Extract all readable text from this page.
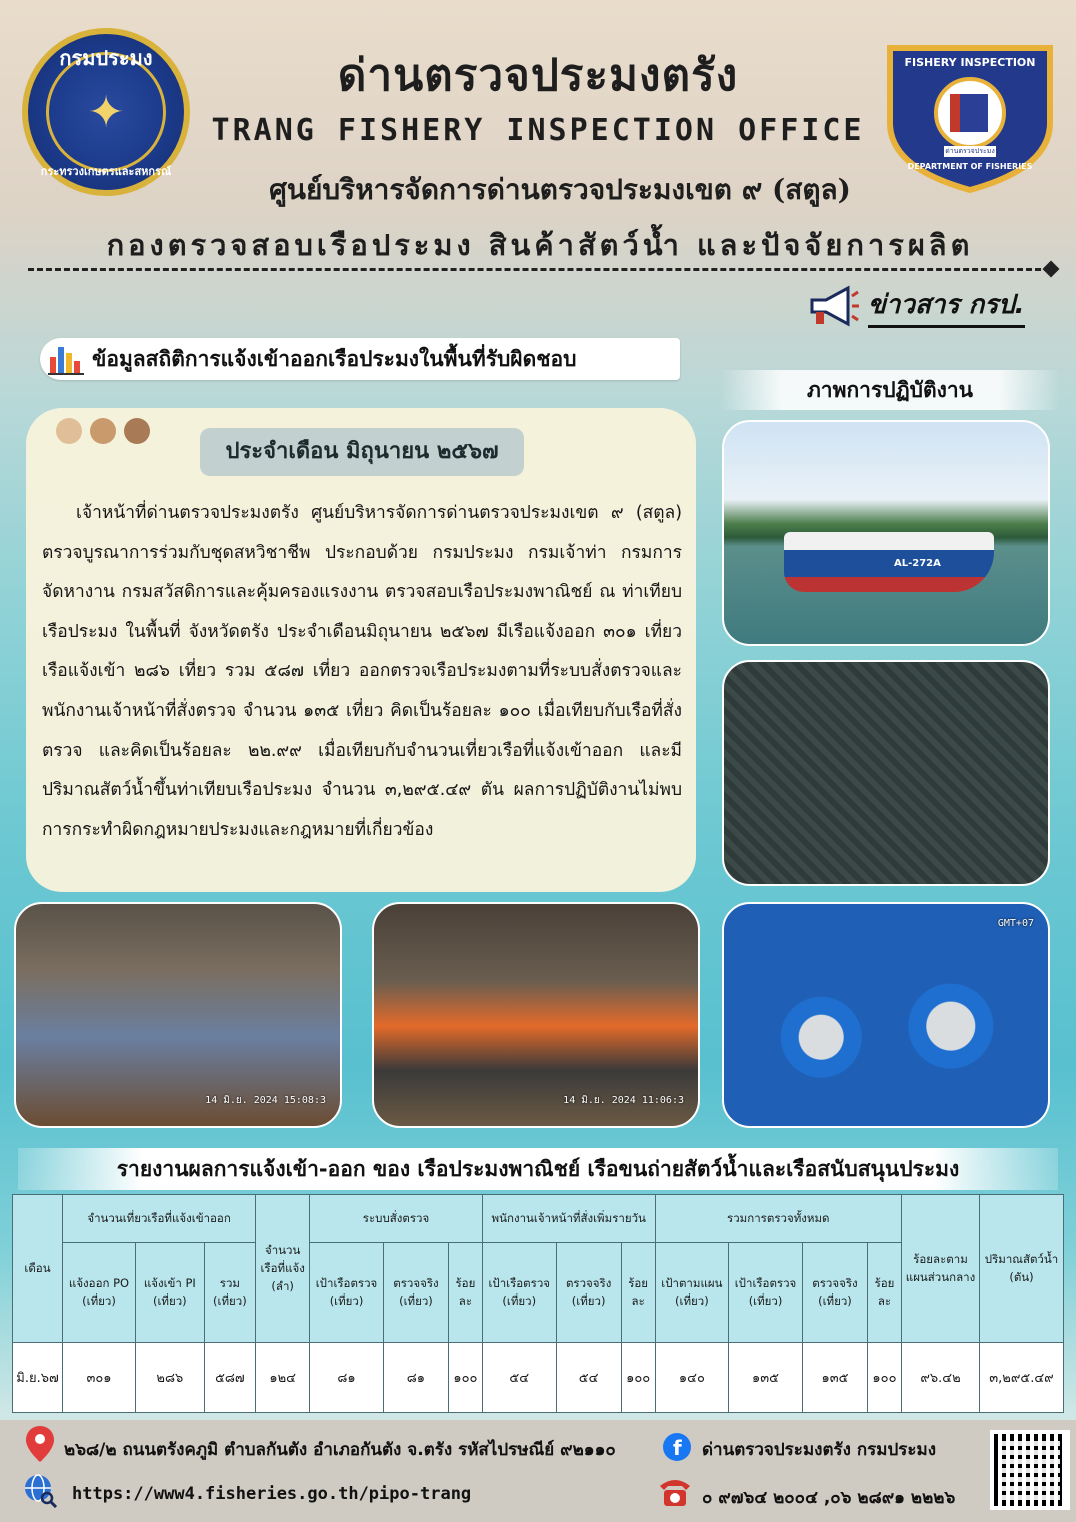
กรมประมง
✦
กระทรวงเกษตรและสหกรณ์
FISHERY INSPECTION
ด่านตรวจประมง
DEPARTMENT OF FISHERIES
ด่านตรวจประมงตรัง
TRANG FISHERY INSPECTION OFFICE
ศูนย์บริหารจัดการด่านตรวจประมงเขต ๙ (สตูล)
กองตรวจสอบเรือประมง สินค้าสัตว์น้ำ และปัจจัยการผลิต
ข่าวสาร กรป.
ข้อมูลสถิติการแจ้งเข้าออกเรือประมงในพื้นที่รับผิดชอบ
ภาพการปฏิบัติงาน
ประจำเดือน มิถุนายน ๒๕๖๗
เจ้าหน้าที่ด่านตรวจประมงตรัง ศูนย์บริหารจัดการด่านตรวจประมงเขต ๙ (สตูล) ตรวจบูรณาการร่วมกับชุดสหวิชาชีพ ประกอบด้วย กรมประมง กรมเจ้าท่า กรมการจัดหางาน กรมสวัสดิการและคุ้มครองแรงงาน ตรวจสอบเรือประมงพาณิชย์ ณ ท่าเทียบเรือประมง ในพื้นที่ จังหวัดตรัง ประจำเดือนมิถุนายน ๒๕๖๗ มีเรือแจ้งออก ๓๐๑ เที่ยว เรือแจ้งเข้า ๒๘๖ เที่ยว รวม ๕๘๗ เที่ยว ออกตรวจเรือประมงตามที่ระบบสั่งตรวจและพนักงานเจ้าหน้าที่สั่งตรวจ จำนวน ๑๓๕ เที่ยว คิดเป็นร้อยละ ๑๐๐ เมื่อเทียบกับเรือที่สั่งตรวจ และคิดเป็นร้อยละ ๒๒.๙๙ เมื่อเทียบกับจำนวนเที่ยวเรือที่แจ้งเข้าออก และมีปริมาณสัตว์น้ำขึ้นท่าเทียบเรือประมง จำนวน ๓,๒๙๕.๔๙ ตัน ผลการปฏิบัติงานไม่พบการกระทำผิดกฎหมายประมงและกฎหมายที่เกี่ยวข้อง
AL-272A
14 มิ.ย. 2024 15:08:3	14 มิ.ย. 2024 11:06:3
GMT+07
รายงานผลการแจ้งเข้า-ออก ของ เรือประมงพาณิชย์ เรือขนถ่ายสัตว์น้ำและเรือสนับสนุนประมง
เดือน	จำนวนเที่ยวเรือที่แจ้งเข้าออก			จำนวนเรือที่แจ้ง (ลำ)	ระบบสั่งตรวจ			พนักงานเจ้าหน้าที่สั่งเพิ่มรายวัน			รวมการตรวจทั้งหมด				ร้อยละตามแผนส่วนกลาง	ปริมาณสัตว์น้ำ (ตัน)
	แจ้งออก PO (เที่ยว)	แจ้งเข้า PI (เที่ยว)	รวม (เที่ยว)		เป้าเรือตรวจ (เที่ยว)	ตรวจจริง (เที่ยว)	ร้อยละ	เป้าเรือตรวจ (เที่ยว)	ตรวจจริง (เที่ยว)	ร้อยละ	เป้าตามแผน (เที่ยว)	เป้าเรือตรวจ (เที่ยว)	ตรวจจริง (เที่ยว)	ร้อยละ		
มิ.ย.๖๗	๓๐๑	๒๘๖	๕๘๗	๑๒๔	๘๑	๘๑	๑๐๐	๕๔	๕๔	๑๐๐	๑๔๐	๑๓๕	๑๓๕	๑๐๐	๙๖.๔๒	๓,๒๙๕.๔๙
๒๖๘/๒ ถนนตรังคภูมิ ตำบลกันตัง อำเภอกันตัง จ.ตรัง รหัสไปรษณีย์ ๙๒๑๑๐	f ด่านตรวจประมงตรัง กรมประมง
https://www4.fisheries.go.th/pipo-trang	๐ ๙๗๖๔ ๒๐๐๔ ,๐๖ ๒๘๙๑ ๒๒๒๖
